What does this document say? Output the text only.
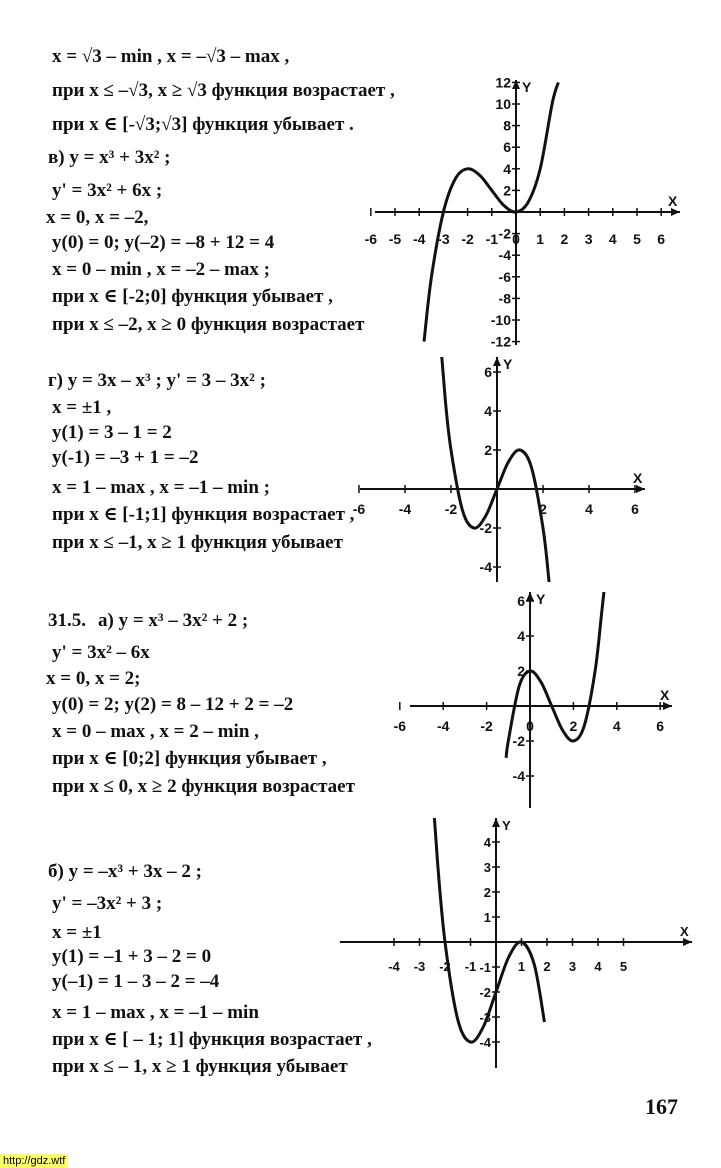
x = √3 – min , x = –√3 – max ,
при x ≤ –√3, x ≥ √3 функция возрастает ,
при x ∈ [-√3;√3] функция убывает .
в) y = x³ + 3x² ;
y' = 3x² + 6x ;
x = 0, x = –2,
y(0) = 0; y(–2) = –8 + 12 = 4
x = 0 – min , x = –2 – max ;
при x ∈ [-2;0] функция убывает ,
при x ≤ –2, x ≥ 0 функция возрастает
г) y = 3x – x³ ; y' = 3 – 3x² ;
x = ±1 ,
y(1) = 3 – 1 = 2
y(-1) = –3 + 1 = –2
x = 1 – max , x = –1 – min ;
при x ∈ [-1;1] функция возрастает ,
при x ≤ –1, x ≥ 1 функция убывает
31.5. а) y = x³ – 3x² + 2 ;
y' = 3x² – 6x
x = 0, x = 2;
y(0) = 2; y(2) = 8 – 12 + 2 = –2
x = 0 – max , x = 2 – min ,
при x ∈ [0;2] функция убывает ,
при x ≤ 0, x ≥ 2 функция возрастает
б) y = –x³ + 3x – 2 ;
y' = –3x² + 3 ;
x = ±1
y(1) = –1 + 3 – 2 = 0
y(–1) = 1 – 3 – 2 = –4
x = 1 – max , x = –1 – min
при x ∈ [ – 1; 1] функция возрастает ,
при x ≤ – 1, x ≥ 1 функция убывает
167
http://gdz.wtf
X
Y
-6 -5 -4 -3 -2 -1 0 1 2 3 4 5 6
12
10
8
6
4
2
-2
-4
-6
-8
-10
-12
X
Y
-6 -4 -2	2	4	6
6
4
2
-2
-4
X
Y
-6 -4 -2 0	2	4	6
6
4
2
-2
-4
X
Y
-4 -3 -2 -1	1 2 3 4 5
4
3
2
1
-1
-2
-3
-4
